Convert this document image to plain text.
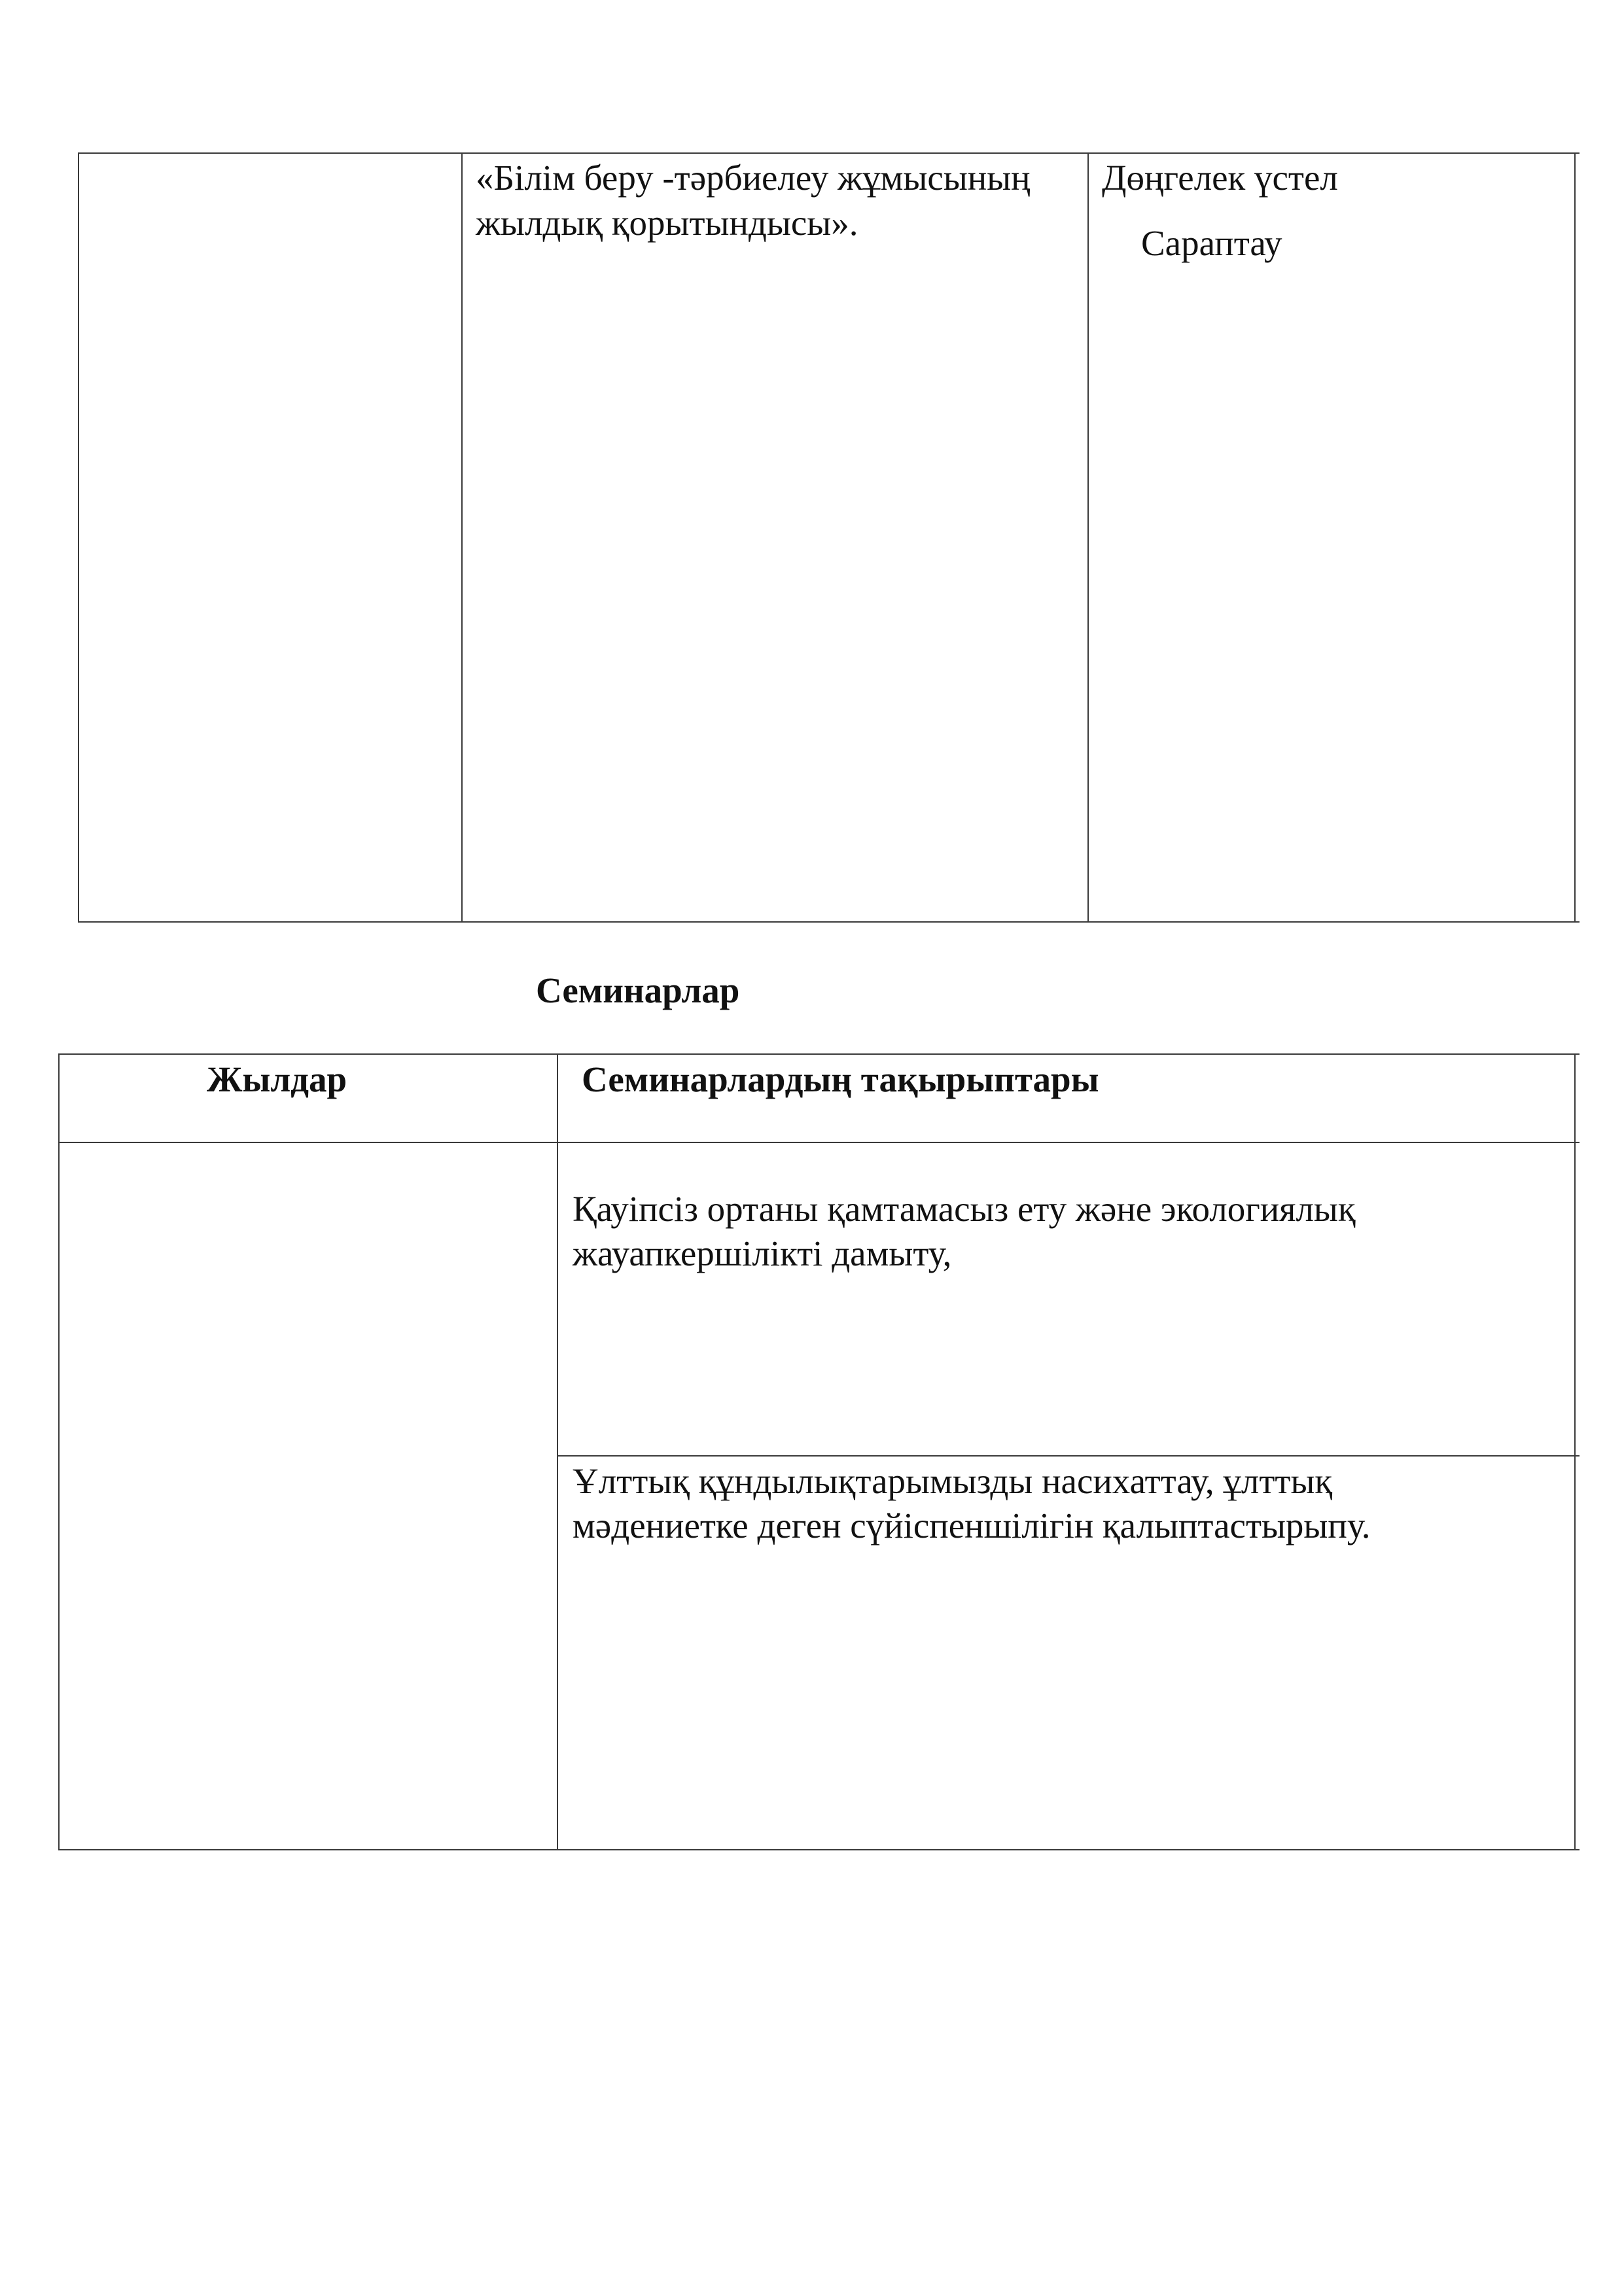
«Білім беру -тәрбиелеу жұмысының
жылдық қорытындысы».
Дөңгелек үстел
Сараптау
Семинарлар
Жылдар	Семинарлардың тақырыптары
Қауіпсіз ортаны қамтамасыз ету және экологиялық
жауапкершілікті дамыту,
Ұлттық құндылықтарымызды насихаттау, ұлттық
мәдениетке деген сүйіспеншілігін қалыптастырыпу.
